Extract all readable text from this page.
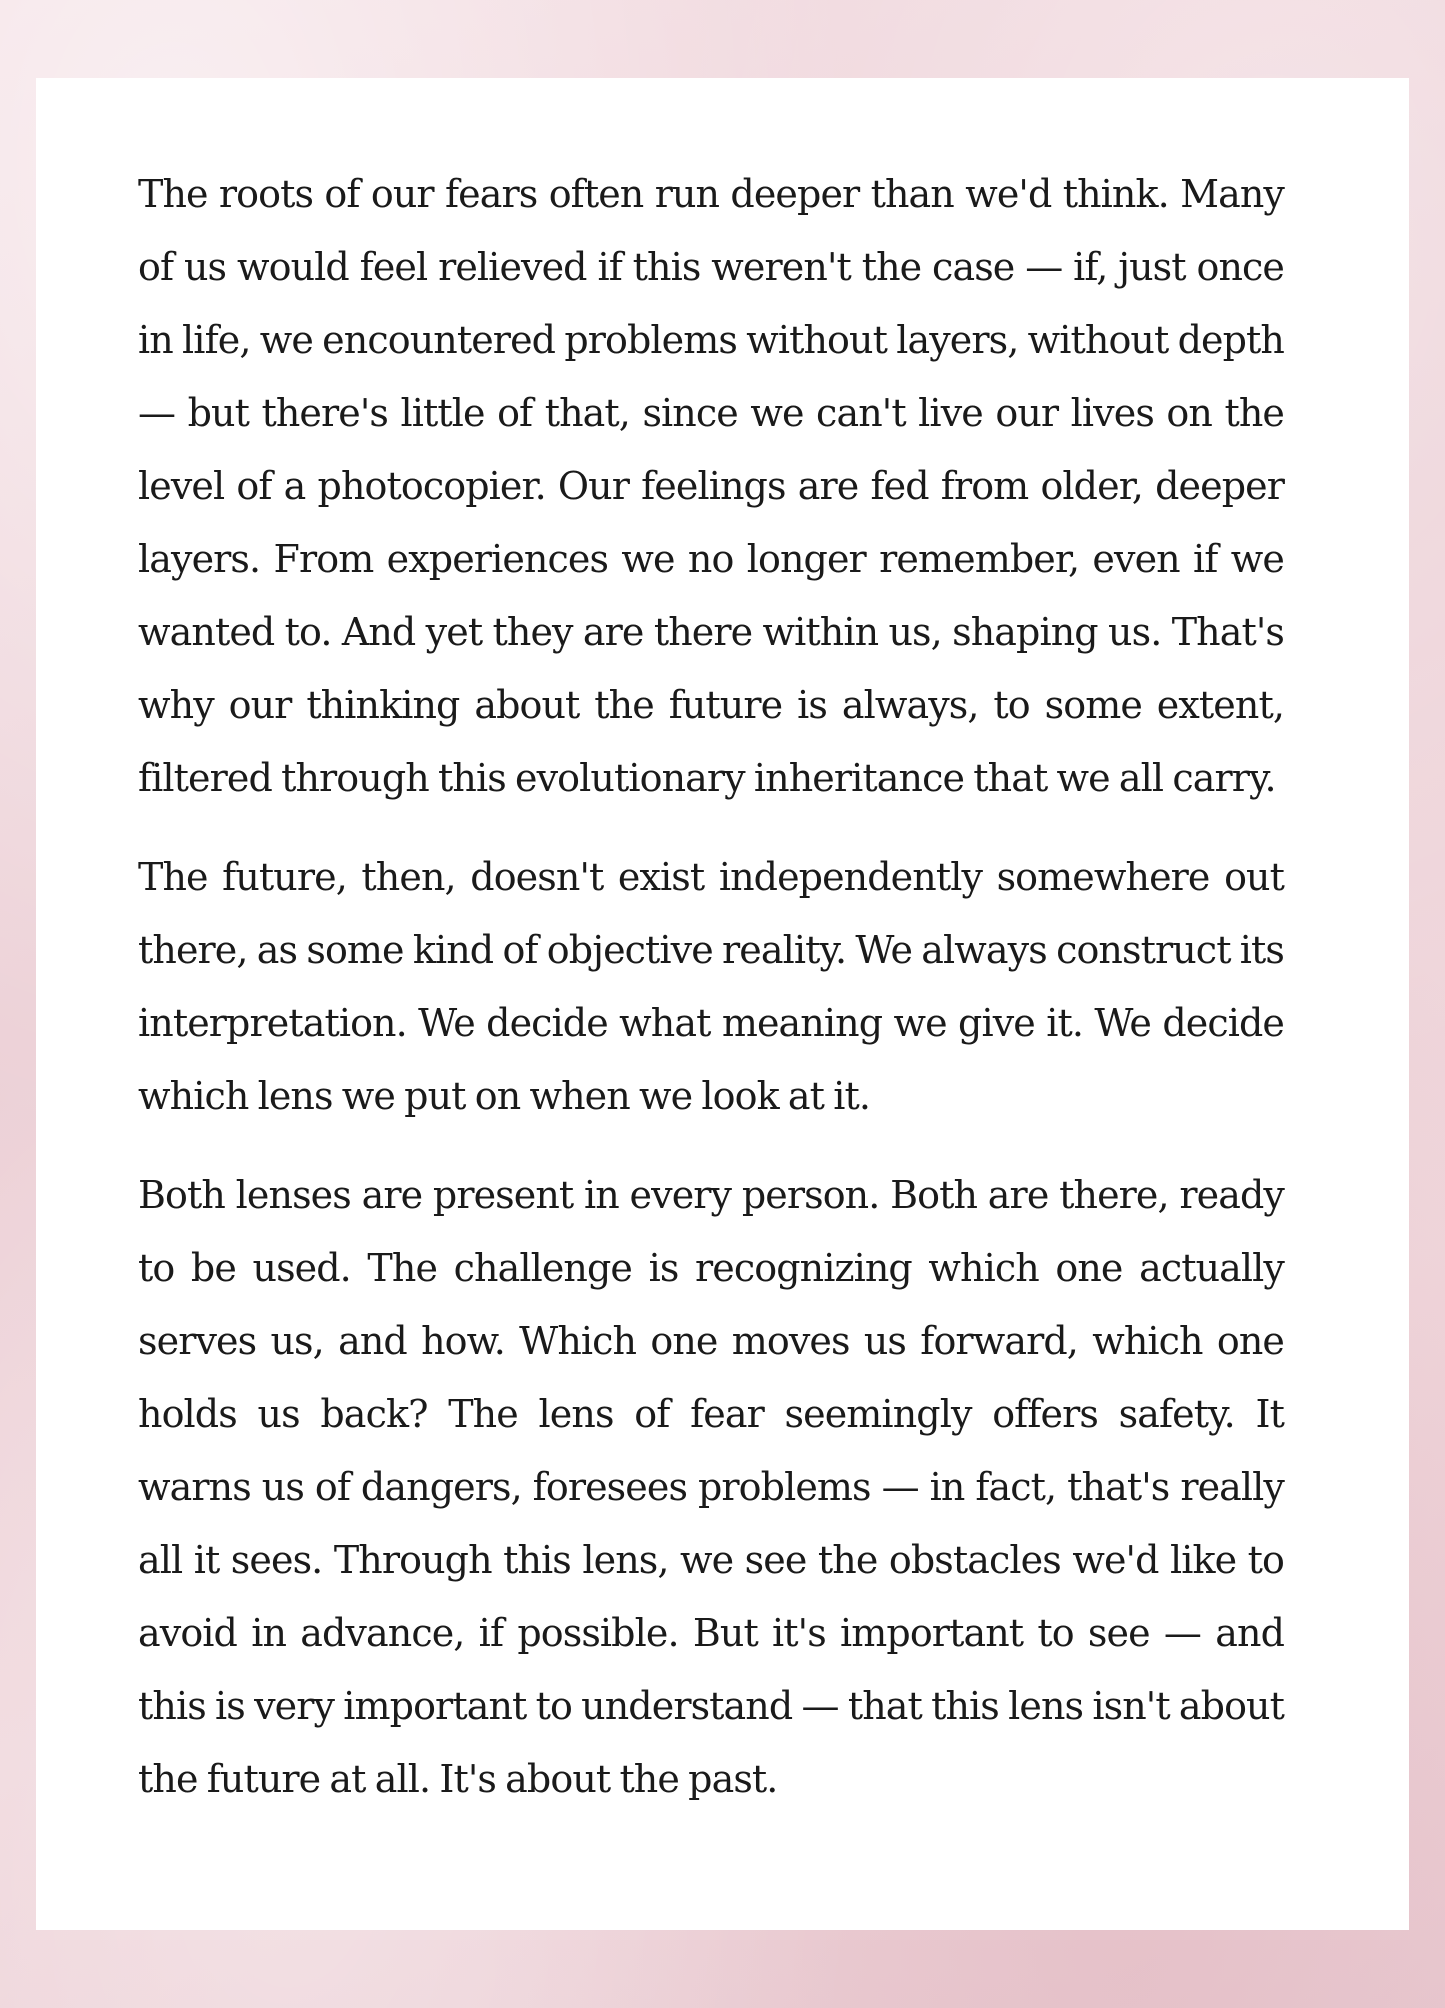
The roots of our fears often run deeper than we'd think. Many of us would feel relieved if this weren't the case — if, just once in life, we encountered problems without layers, without depth — but there's little of that, since we can't live our lives on the level of a photocopier. Our feelings are fed from older, deeper layers. From experiences we no longer remember, even if we wanted to. And yet they are there within us, shaping us. That's why our thinking about the future is always, to some extent, filtered through this evolutionary inheritance that we all carry.

The future, then, doesn't exist independently somewhere out there, as some kind of objective reality. We always construct its interpretation. We decide what meaning we give it. We decide which lens we put on when we look at it.

Both lenses are present in every person. Both are there, ready to be used. The challenge is recognizing which one actually serves us, and how. Which one moves us forward, which one holds us back? The lens of fear seemingly offers safety. It warns us of dangers, foresees problems — in fact, that's really all it sees. Through this lens, we see the obstacles we'd like to avoid in advance, if possible. But it's important to see — and this is very important to understand — that this lens isn't about the future at all. It's about the past.
